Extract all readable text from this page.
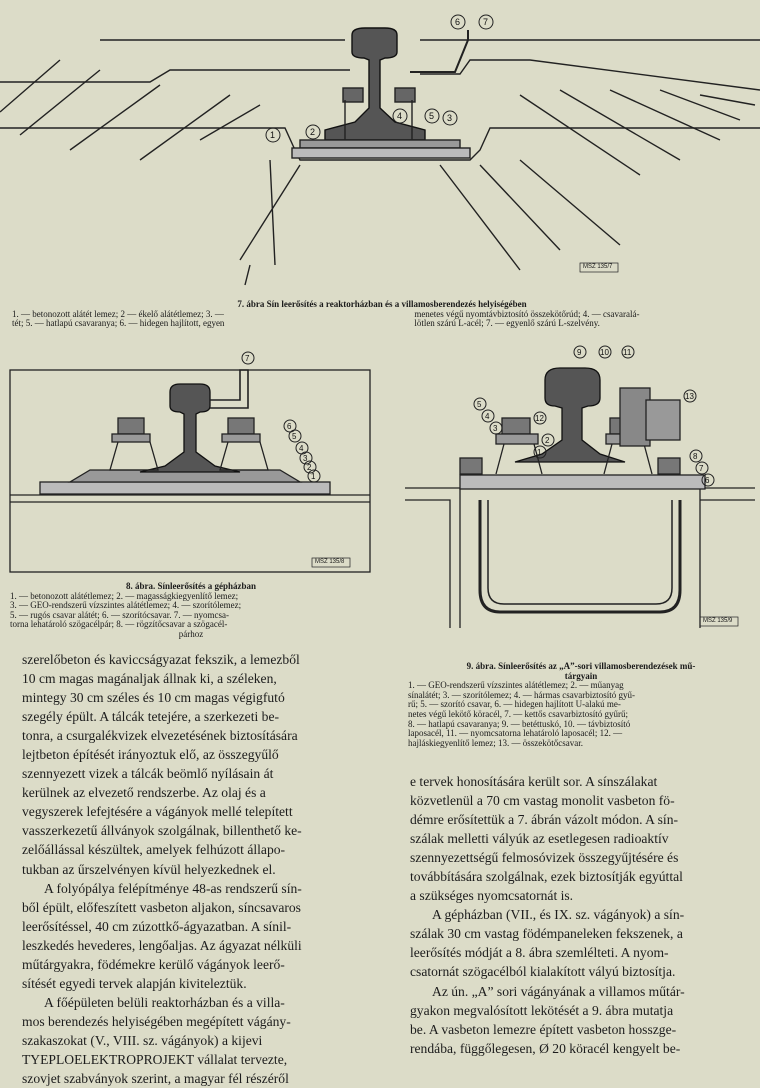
1	2
3
4	5
6	7
MSZ 135/7
7. ábra Sín leerősítés a reaktorházban és a villamosberendezés helyiségében
1. — betonozott alátét lemez; 2 — ékelő alátétlemez; 3. —
tét; 5. — hatlapú csavaranya; 6. — hidegen hajlított, egyen
menetes végű nyomtávbiztosító összekötőrúd; 4. — csavaralá-
lötlen szárú L-acél; 7. — egyenlő szárú L-szelvény.
7
6
5
4
3
2
1
MSZ 135/8
8. ábra. Sínleerősítés a gépházban
1. — betonozott alátétlemez; 2. — magasságkiegyenlítő lemez;
3. — GEO-rendszerű vízszintes alátétlemez; 4. — szorítólemez;
5. — rugós csavar alátét; 6. — szorítócsavar. 7. — nyomcsa-
torna lehatároló szögacélpár; 8. — rögzítőcsavar a szögacél-
párhoz
9 10 11
12
13
5
4
3
2
1	8
7
6
MSZ 135/9
9. ábra. Sínleerősítés az „A”-sori villamosberendezések mű-
tárgyain
1. — GEO-rendszerű vízszintes alátétlemez; 2. — műanyag
sínalátét; 3. — szorítólemez; 4. — hármas csavarbiztosító gyű-
rű; 5. — szorító csavar, 6. — hidegen hajlított U-alakú me-
netes végű lekötő köracél, 7. — kettős csavarbiztosító gyűrű;
8. — hatlapú csavaranya; 9. — betéttuskó, 10. — távbiztosító
laposacél, 11. — nyomcsatorna lehatároló laposacél; 12. —
hajláskiegyenlítő lemez; 13. — összekötőcsavar.
szerelőbeton és kaviccságyazat fekszik, a lemezből
10 cm magas magánaljak állnak ki, a széleken,
mintegy 30 cm széles és 10 cm magas végigfutó
szegély épült. A tálcák tetejére, a szerkezeti be-
tonra, a csurgalékvizek elvezetésének biztosítására
lejtbeton építését irányoztuk elő, az összegyűlő
szennyezett vizek a tálcák beömlő nyílásain át
kerülnek az elvezető rendszerbe. Az olaj és a
vegyszerek lefejtésére a vágányok mellé telepített
vasszerkezetű állványok szolgálnak, billenthető ke-
zelőállással készültek, amelyek felhúzott állapo-
tukban az űrszelvényen kívül helyezkednek el.
A folyópálya felépítménye 48-as rendszerű sín-
ből épült, előfeszített vasbeton aljakon, síncsavaros
leerősítéssel, 40 cm zúzottkő-ágyazatban. A sínil-
leszkedés hevederes, lengőaljas. Az ágyazat nélküli
műtárgyakra, födémekre kerülő vágányok leerő-
sítését egyedi tervek alapján kiviteleztük.
A főépületen belüli reaktorházban és a villa-
mos berendezés helyiségében megépített vágány-
szakaszokat (V., VIII. sz. vágányok) a kijevi
TYEPLOELEKTROPROJEKT vállalat tervezte,
szovjet szabványok szerint, a magyar fél részéről
e tervek honosítására került sor. A sínszálakat
közvetlenül a 70 cm vastag monolit vasbeton fö-
démre erősítettük a 7. ábrán vázolt módon. A sín-
szálak melletti vályúk az esetlegesen radioaktív
szennyezettségű felmosóvizek összegyűjtésére és
továbbítására szolgálnak, ezek biztosítják egyúttal
a szükséges nyomcsatornát is.
A gépházban (VII., és IX. sz. vágányok) a sín-
szálak 30 cm vastag födémpaneleken fekszenek, a
leerősítés módját a 8. ábra szemlélteti. A nyom-
csatornát szögacélból kialakított vályú biztosítja.
Az ún. „A” sori vágányának a villamos műtár-
gyakon megvalósított lekötését a 9. ábra mutatja
be. A vasbeton lemezre épített vasbeton hosszge-
rendába, függőlegesen, Ø 20 köracél kengyelt be-
